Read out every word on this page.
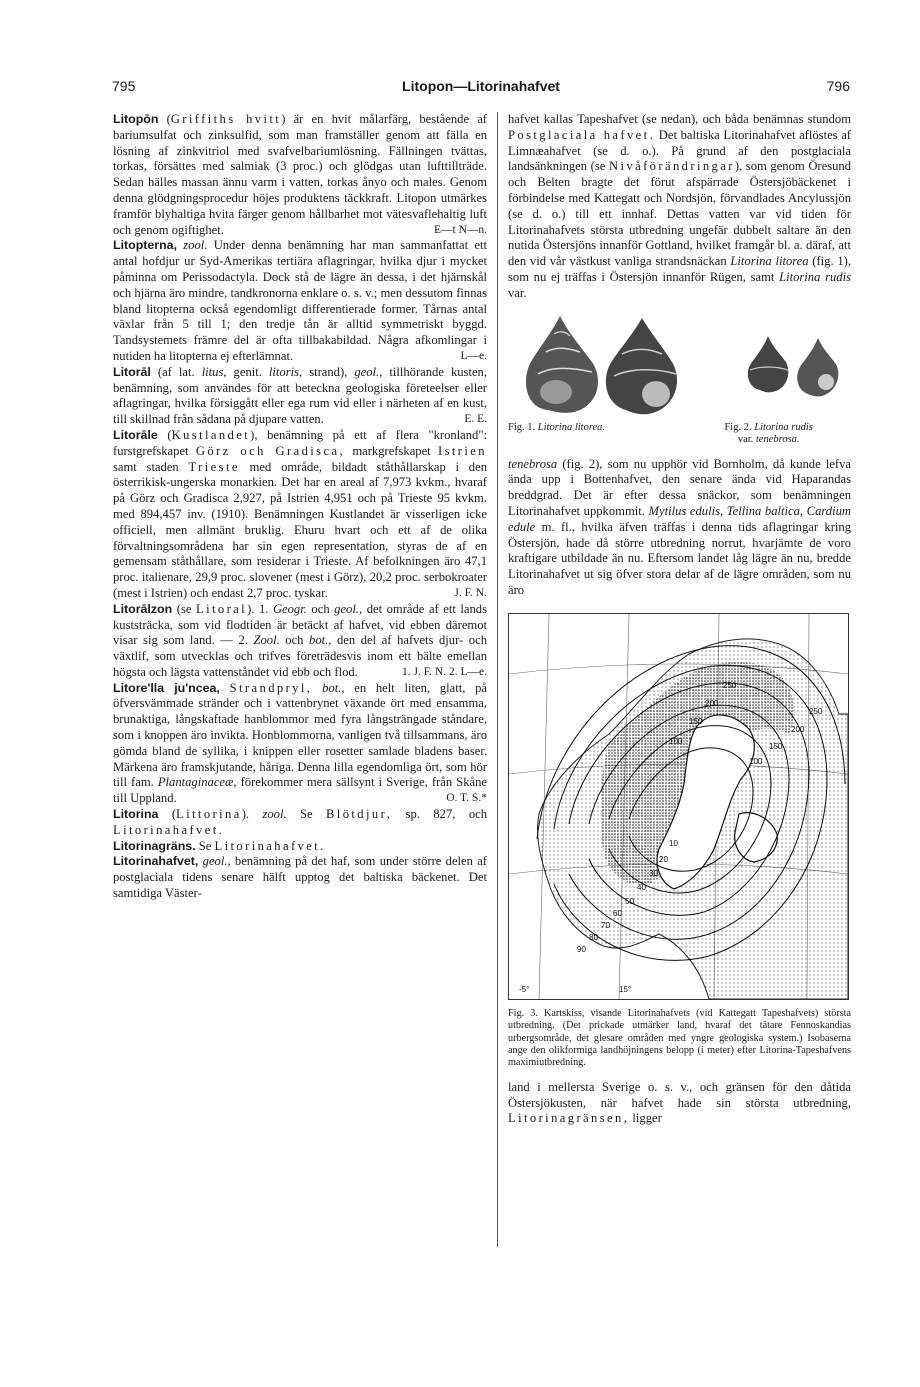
795	Litopon—Litorinahafvet	796

Litopōn (Griffiths hvitt) är en hvit målarfärg, bestående af bariumsulfat och zinksulfid, som man framställer genom att fälla en lösning af zinkvitriol med svafvelbariumlösning. Fällningen tvättas, torkas, försättes med salmiak (3 proc.) och glödgas utan lufttillträde. Sedan hälles massan ännu varm i vatten, torkas ånyo och males. Genom denna glödgningsprocedur höjes produktens täckkraft. Litopon utmärkes framför blyhaltiga hvita färger genom hållbarhet mot vätesvaflehaltig luft och genom ogiftighet.	E—t N—n.

Litopterna, zool. Under denna benämning har man sammanfattat ett antal hofdjur ur Syd-Amerikas tertiära aflagringar, hvilka djur i mycket påminna om Perissodactyla. Dock stå de lägre än dessa, i det hjärnskål och hjärna äro mindre, tandkronorna enklare o. s. v.; men dessutom finnas bland litopterna också egendomligt differentierade former. Tårnas antal växlar från 5 till 1; den tredje tån är alltid symmetriskt byggd. Tandsystemets främre del är ofta tillbakabildad. Några afkomlingar i nutiden ha litopterna ej efterlämnat.	L—e.

Litorāl (af lat. litus, genit. litoris, strand), geol., tillhörande kusten, benämning, som användes för att beteckna geologiska företeelser eller aflagringar, hvilka försiggått eller ega rum vid eller i närheten af en kust, till skillnad från sådana på djupare vatten.	E. E.

Litorāle (Kustlandet), benämning på ett af flera "kronland": furstgrefskapet Görz och Gradisca, markgrefskapet Istrien samt staden Trieste med område, bildadt ståthållarskap i den österrikisk-ungerska monarkien. Det har en areal af 7,973 kvkm., hvaraf på Görz och Gradisca 2,927, på Istrien 4,951 och på Trieste 95 kvkm. med 894,457 inv. (1910). Benämningen Kustlandet är visserligen icke officiell, men allmänt bruklig. Ehuru hvart och ett af de olika förvaltningsområdena har sin egen representation, styras de af en gemensam ståthållare, som residerar i Trieste. Af befolkningen äro 47,1 proc. italienare, 29,9 proc. slovener (mest i Görz), 20,2 proc. serbokroater (mest i Istrien) och endast 2,7 proc. tyskar.	J. F. N.

Litorālzon (se Litoral). 1. Geogr. och geol., det område af ett lands kuststräcka, som vid flodtiden är betäckt af hafvet, vid ebben däremot visar sig som land. — 2. Zool. och bot., den del af hafvets djur- och växtlif, som utvecklas och trifves företrädesvis inom ett bälte emellan högsta och lägsta vattenståndet vid ebb och flod.	1. J. F. N. 2. L—e.

Litore'lla ju'ncea, Strandpryl, bot., en helt liten, glatt, på öfversvämmade stränder och i vattenbrynet växande ört med ensamma, brunaktiga, långskaftade hanblommor med fyra långsträngade ståndare, som i knoppen äro invikta. Honblommorna, vanligen två tillsammans, äro gömda bland de syllika, i knippen eller rosetter samlade bladens baser. Märkena äro framskjutande, håriga. Denna lilla egendomliga ört, som hör till fam. Plantaginaceæ, förekommer mera sällsynt i Sverige, från Skåne till Uppland.	O. T. S.*

Litorina (Littorina). zool. Se Blötdjur, sp. 827, och Litorinahafvet.

Litorinagräns. Se Litorinahafvet.

Litorinahafvet, geol., benämning på det haf, som under större delen af postglaciala tidens senare hälft upptog det baltiska bäckenet. Det samtidiga Väster-

hafvet kallas Tapeshafvet (se nedan), och båda benämnas stundom Postglaciala hafvet. Det baltiska Litorinahafvet aflöstes af Limnæahafvet (se d. o.). På grund af den postglaciala landsänkningen (se Nivåförändringar), som genom Öresund och Belten bragte det förut afspärrade Östersjöbäckenet i förbindelse med Kattegatt och Nordsjön, förvandlades Ancylussjön (se d. o.) till ett innhaf. Dettas vatten var vid tiden för Litorinahafvets största utbredning ungefär dubbelt saltare än den nutida Östersjöns innanför Gottland, hvilket framgår bl. a. däraf, att den vid vår västkust vanliga strandsnäckan Litorina litorea (fig. 1), som nu ej träffas i Östersjön innanför Rügen, samt Litorina rudis var.

Fig. 1. Litorina litorea.	Fig. 2. Litorina rudis
var. tenebrosa.

tenebrosa (fig. 2), som nu upphör vid Bornholm, då kunde lefva ända upp i Bottenhafvet, den senare ända vid Haparandas breddgrad. Det är efter dessa snäckor, som benämningen Litorinahafvet uppkommit. Mytilus edulis, Tellina baltica, Cardium edule m. fl., hvilka äfven träffas i denna tids aflagringar kring Östersjön, hade då större utbredning norrut, hvarjämte de voro kraftigare utbildade än nu. Eftersom landet låg lägre än nu, bredde Litorinahafvet ut sig öfver stora delar af de lägre områden, som nu äro

150
200
250
100
-5°	15°
10
20
30
40
50
60
70
80
90
100
150
200
250

Fig. 3. Kartskiss, visande Litorinahafvets (vid Kattegatt Tapeshafvets) största utbredning. (Det prickade utmärker land, hvaraf det tätare Fennoskandias urbergsområde, det glesare områden med yngre geologiska system.) Isobaserna ange den olikformiga landhöjningens belopp (i meter) efter Litorina-Tapeshafvens maximiutbredning.

land i mellersta Sverige o. s. v., och gränsen för den dåtida Östersjökusten, när hafvet hade sin största utbredning, Litorinagränsen, ligger
